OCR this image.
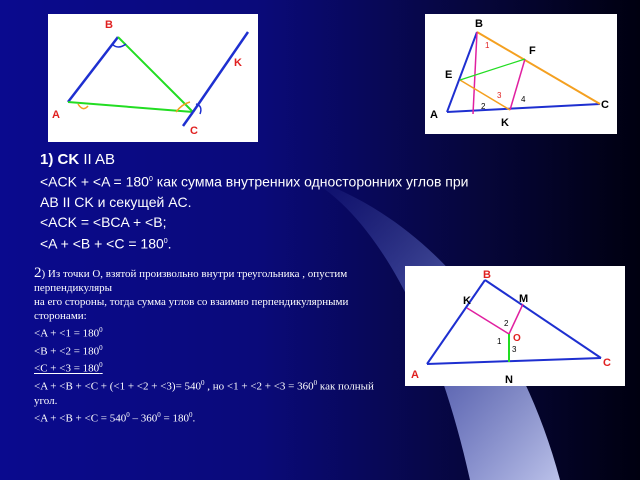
B
K
A
C
B
F
E
A
C
K
1
2
3 4
B
K	M
A
C
N
O
1
2
3
1) CK II AB
$<ACK + <A = 180^0$ как сумма внутренних односторонних углов при
AB II CK и секущей AC.
<ACK = <BCA + <B;
$<A + <B + <C = 180^0$.
2) Из точки О, взятой произвольно внутри треугольника , опустим перпендикуляры
на его стороны, тогда сумма углов со взаимно перпендикулярными сторонами:
$<A + <1 = 180^0$
$<B + <2 = 180^0$
$<C + <3 = 180^0$
$<A + <B + <C + (<1 + <2 + <3)= 540^0$ , но $<1 + <2 + <3 = 360^0$ как полный угол.
$<A + <B + <C = 540^0 - 360^0 = 180^0$.
